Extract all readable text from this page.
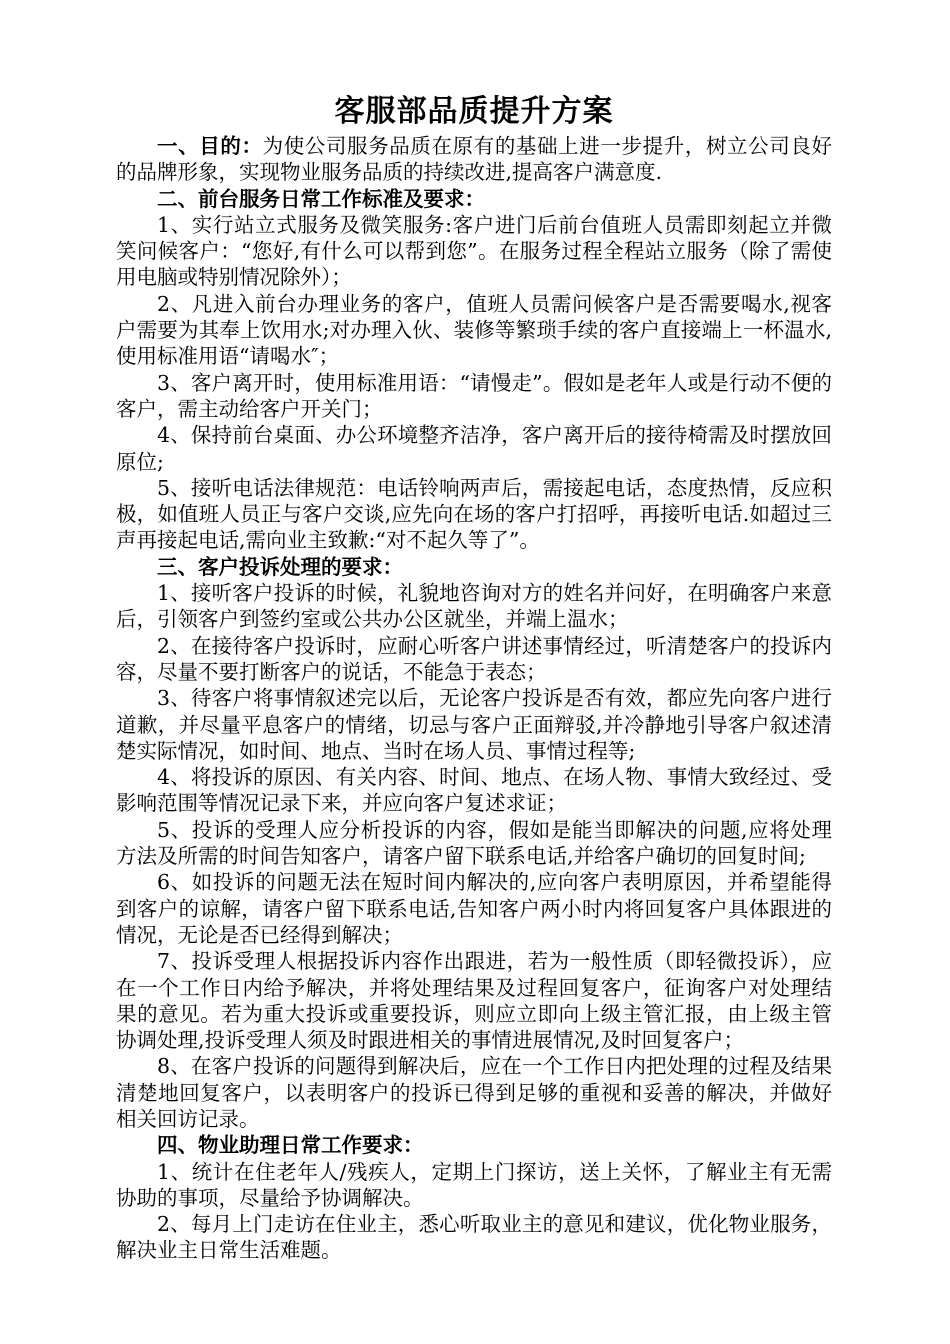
客服部品质提升方案

一、目的：为使公司服务品质在原有的基础上进一步提升，树立公司良好的品牌形象，实现物业服务品质的持续改进,提高客户满意度.

二、前台服务日常工作标准及要求：

1、实行站立式服务及微笑服务:客户进门后前台值班人员需即刻起立并微笑问候客户：“您好,有什么可以帮到您”。在服务过程全程站立服务（除了需使用电脑或特别情况除外）；

2、凡进入前台办理业务的客户，值班人员需问候客户是否需要喝水,视客户需要为其奉上饮用水;对办理入伙、装修等繁琐手续的客户直接端上一杯温水,使用标准用语“请喝水″；

3、客户离开时，使用标准用语：“请慢走”。假如是老年人或是行动不便的客户，需主动给客户开关门；

4、保持前台桌面、办公环境整齐洁净，客户离开后的接待椅需及时摆放回原位;

5、接听电话法律规范：电话铃响两声后，需接起电话，态度热情，反应积极，如值班人员正与客户交谈,应先向在场的客户打招呼，再接听电话.如超过三声再接起电话,需向业主致歉:“对不起久等了”。

三、客户投诉处理的要求：

1、接听客户投诉的时候，礼貌地咨询对方的姓名并问好，在明确客户来意后，引领客户到签约室或公共办公区就坐，并端上温水；

2、在接待客户投诉时，应耐心听客户讲述事情经过，听清楚客户的投诉内容，尽量不要打断客户的说话，不能急于表态；

3、待客户将事情叙述完以后，无论客户投诉是否有效，都应先向客户进行道歉，并尽量平息客户的情绪，切忌与客户正面辩驳,并冷静地引导客户叙述清楚实际情况，如时间、地点、当时在场人员、事情过程等;

4、将投诉的原因、有关内容、时间、地点、在场人物、事情大致经过、受影响范围等情况记录下来，并应向客户复述求证；

5、投诉的受理人应分析投诉的内容，假如是能当即解决的问题,应将处理方法及所需的时间告知客户，请客户留下联系电话,并给客户确切的回复时间;

6、如投诉的问题无法在短时间内解决的,应向客户表明原因，并希望能得到客户的谅解，请客户留下联系电话,告知客户两小时内将回复客户具体跟进的情况，无论是否已经得到解决；

7、投诉受理人根据投诉内容作出跟进，若为一般性质（即轻微投诉），应在一个工作日内给予解决，并将处理结果及过程回复客户，征询客户对处理结果的意见。若为重大投诉或重要投诉，则应立即向上级主管汇报，由上级主管协调处理,投诉受理人须及时跟进相关的事情进展情况,及时回复客户；

8、在客户投诉的问题得到解决后，应在一个工作日内把处理的过程及结果清楚地回复客户，以表明客户的投诉已得到足够的重视和妥善的解决，并做好相关回访记录。

四、物业助理日常工作要求：

1、统计在住老年人/残疾人，定期上门探访，送上关怀，了解业主有无需协助的事项，尽量给予协调解决。

2、每月上门走访在住业主，悉心听取业主的意见和建议，优化物业服务，解决业主日常生活难题。
